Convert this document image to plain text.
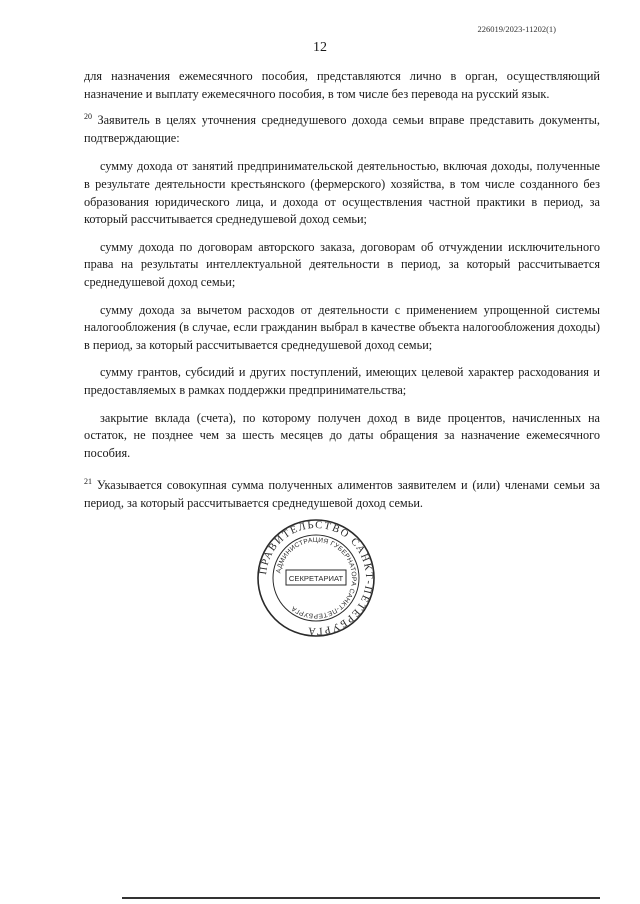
226019/2023-11202(1)
12

для назначения ежемесячного пособия, представляются лично в орган, осуществляющий назначение и выплату ежемесячного пособия, в том числе без перевода на русский язык.

$^{20}$ Заявитель в целях уточнения среднедушевого дохода семьи вправе представить документы, подтверждающие:

сумму дохода от занятий предпринимательской деятельностью, включая доходы, полученные в результате деятельности крестьянского (фермерского) хозяйства, в том числе созданного без образования юридического лица, и дохода от осуществления частной практики в период, за который рассчитывается среднедушевой доход семьи;

сумму дохода по договорам авторского заказа, договорам об отчуждении исключительного права на результаты интеллектуальной деятельности в период, за который рассчитывается среднедушевой доход семьи;

сумму дохода за вычетом расходов от деятельности с применением упрощенной системы налогообложения (в случае, если гражданин выбрал в качестве объекта налогообложения доходы) в период, за который рассчитывается среднедушевой доход семьи;

сумму грантов, субсидий и других поступлений, имеющих целевой характер расходования и предоставляемых в рамках поддержки предпринимательства;

закрытие вклада (счета), по которому получен доход в виде процентов, начисленных на остаток, не позднее чем за шесть месяцев до даты обращения за назначение ежемесячного пособия.

$^{21}$ Указывается совокупная сумма полученных алиментов заявителем и (или) членами семьи за период, за который рассчитывается среднедушевой доход семьи.

ПРАВИТЕЛЬСТВО САНКТ-ПЕТЕРБУРГА
АДМИНИСТРАЦИЯ ГУБЕРНАТОРА САНКТ-ПЕТЕРБУРГА
СЕКРЕТАРИАТ
